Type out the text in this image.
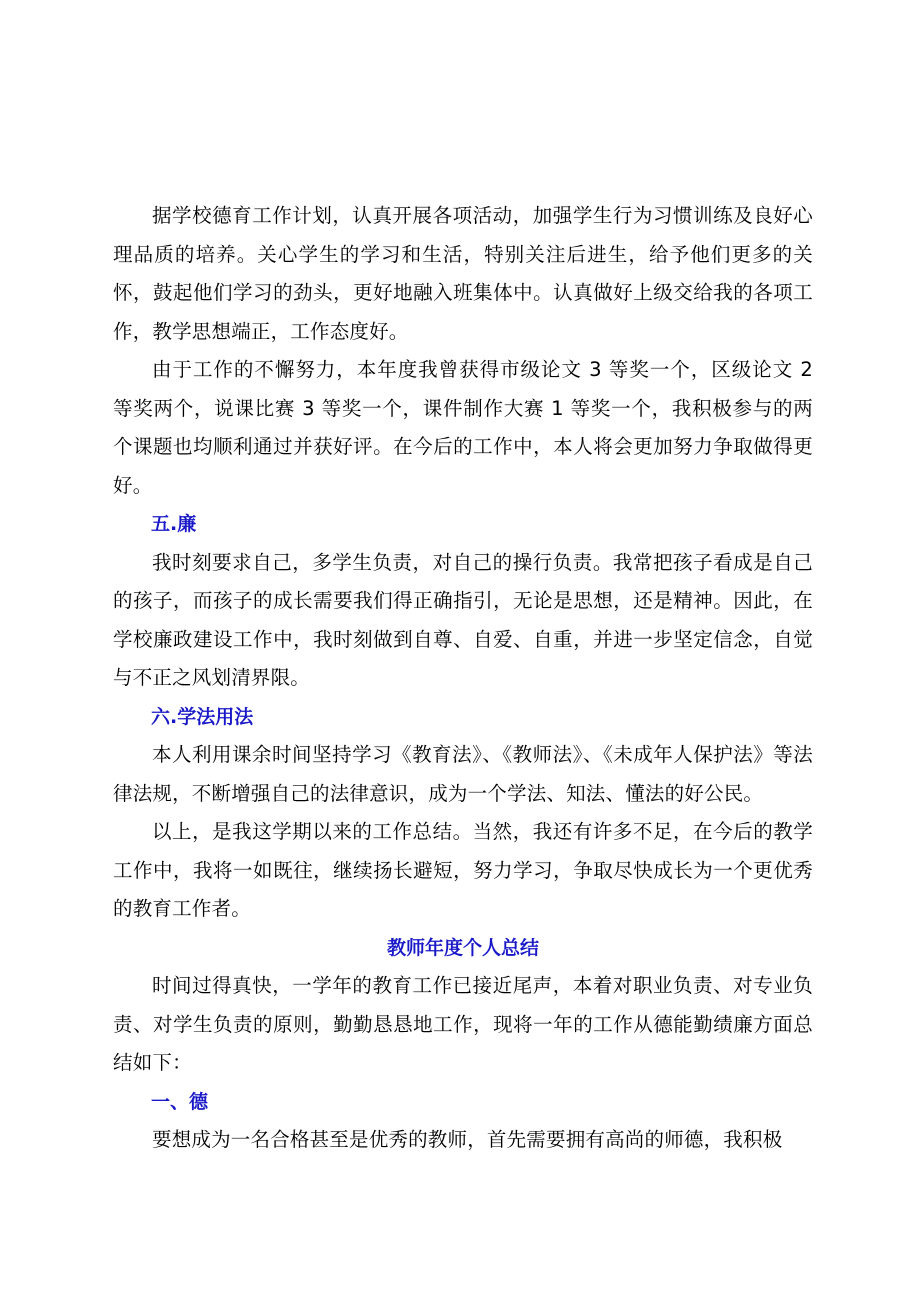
据学校德育工作计划，认真开展各项活动，加强学生行为习惯训练及良好心理品质的培养。关心学生的学习和生活，特别关注后进生，给予他们更多的关怀，鼓起他们学习的劲头，更好地融入班集体中。认真做好上级交给我的各项工作，教学思想端正，工作态度好。

由于工作的不懈努力，本年度我曾获得市级论文 3 等奖一个，区级论文 2 等奖两个，说课比赛 3 等奖一个，课件制作大赛 1 等奖一个，我积极参与的两个课题也均顺利通过并获好评。在今后的工作中，本人将会更加努力争取做得更好。

五.廉

我时刻要求自己，多学生负责，对自己的操行负责。我常把孩子看成是自己的孩子，而孩子的成长需要我们得正确指引，无论是思想，还是精神。因此，在学校廉政建设工作中，我时刻做到自尊、自爱、自重，并进一步坚定信念，自觉与不正之风划清界限。

六.学法用法

本人利用课余时间坚持学习《教育法》、《教师法》、《未成年人保护法》等法律法规，不断增强自己的法律意识，成为一个学法、知法、懂法的好公民。

以上，是我这学期以来的工作总结。当然，我还有许多不足，在今后的教学工作中，我将一如既往，继续扬长避短，努力学习，争取尽快成长为一个更优秀的教育工作者。

教师年度个人总结

时间过得真快，一学年的教育工作已接近尾声，本着对职业负责、对专业负责、对学生负责的原则，勤勤恳恳地工作，现将一年的工作从德能勤绩廉方面总结如下：

一、德

要想成为一名合格甚至是优秀的教师，首先需要拥有高尚的师德，我积极
